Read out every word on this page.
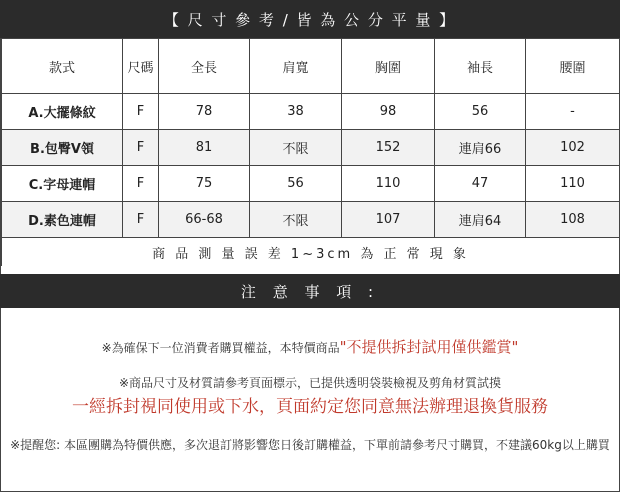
【 尺 寸 參 考 / 皆 為 公 分 平 量 】
款式	尺碼	全長	肩寬	胸圍	袖長	腰圍
A.大擺條紋	F	78	38	98	56	-
B.包臀V領	F	81	不限	152	連肩66	102
C.字母連帽	F	75	56	110	47	110
D.素色連帽	F	66-68	不限	107	連肩64	108
商 品 測 量 誤 差 1~3cm 為 正 常 現 象						
注 意 事 項 :
※為確保下一位消費者購買權益，本特價商品"不提供拆封試用僅供鑑賞"
※商品尺寸及材質請參考頁面標示，已提供透明袋裝檢視及剪角材質試摸
一經拆封視同使用或下水，頁面約定您同意無法辦理退換貨服務
※提醒您: 本區團購為特價供應，多次退訂將影響您日後訂購權益，下單前請參考尺寸購買，不建議60kg以上購買
